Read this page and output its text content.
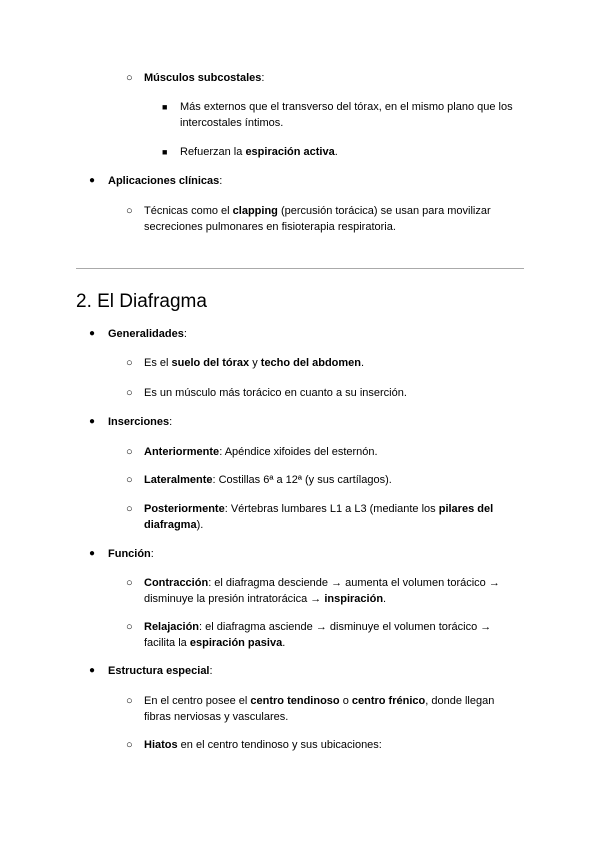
○ Músculos subcostales:
■ Más externos que el transverso del tórax, en el mismo plano que los intercostales íntimos.
■ Refuerzan la espiración activa.
● Aplicaciones clínicas:
○ Técnicas como el clapping (percusión torácica) se usan para movilizar secreciones pulmonares en fisioterapia respiratoria.
2. El Diafragma
● Generalidades:
○ Es el suelo del tórax y techo del abdomen.
○ Es un músculo más torácico en cuanto a su inserción.
● Inserciones:
○ Anteriormente: Apéndice xifoides del esternón.
○ Lateralmente: Costillas 6ª a 12ª (y sus cartílagos).
○ Posteriormente: Vértebras lumbares L1 a L3 (mediante los pilares del diafragma).
● Función:
○ Contracción: el diafragma desciende → aumenta el volumen torácico → disminuye la presión intratorácica → inspiración.
○ Relajación: el diafragma asciende → disminuye el volumen torácico → facilita la espiración pasiva.
● Estructura especial:
○ En el centro posee el centro tendinoso o centro frénico, donde llegan fibras nerviosas y vasculares.
○ Hiatos en el centro tendinoso y sus ubicaciones:
